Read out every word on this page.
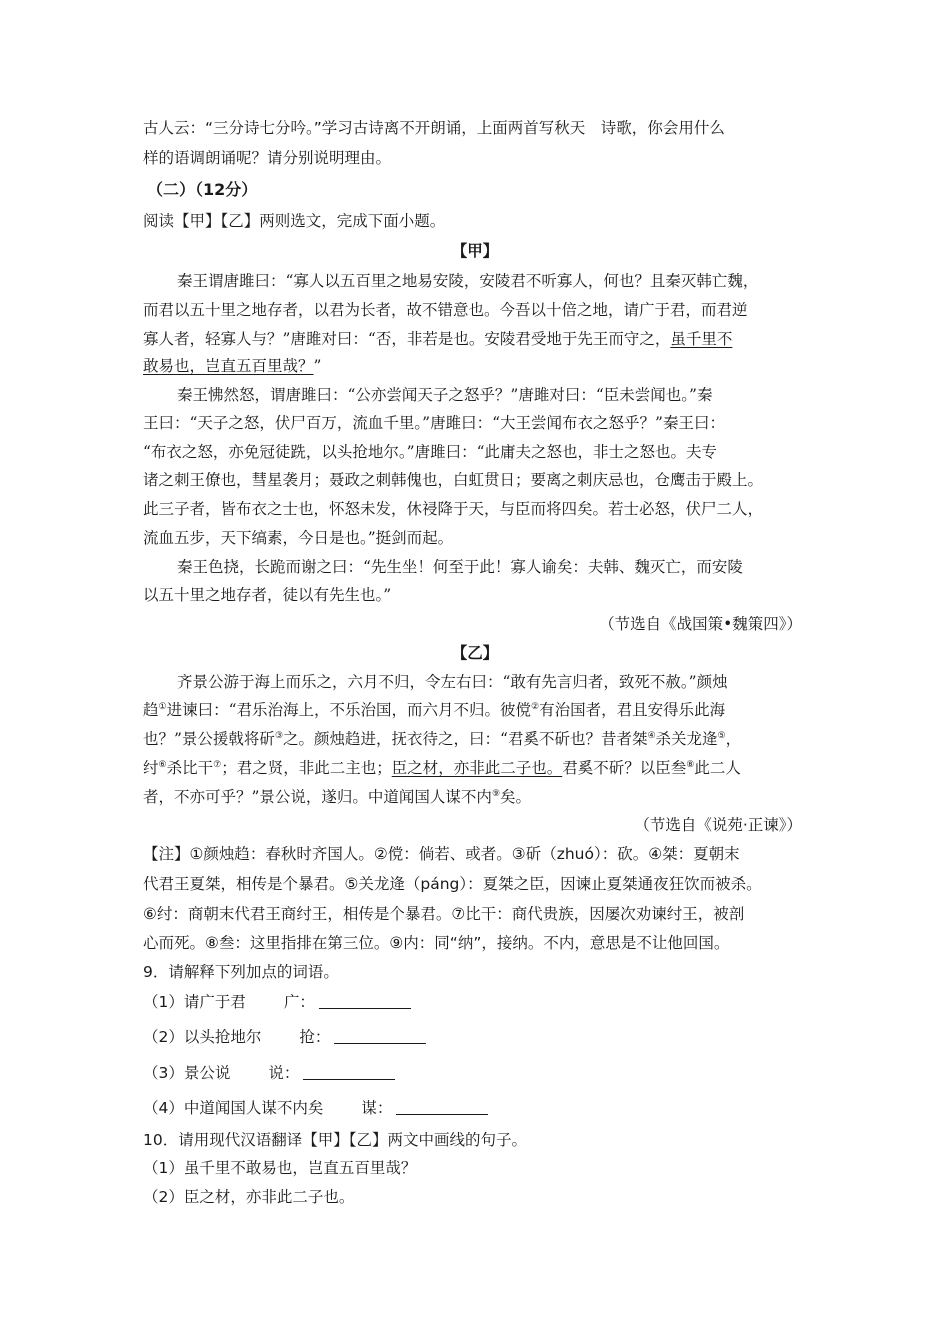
古人云：“三分诗七分吟。”学习古诗离不开朗诵，上面两首写秋天　诗歌，你会用什么
样的语调朗诵呢？请分别说明理由。
（二）（12分）
阅读【甲】【乙】两则选文，完成下面小题。
【甲】
秦王谓唐雎曰：“寡人以五百里之地易安陵，安陵君不听寡人，何也？且秦灭韩亡魏，
而君以五十里之地存者，以君为长者，故不错意也。今吾以十倍之地，请广于君，而君逆
寡人者，轻寡人与？”唐雎对曰：“否，非若是也。安陵君受地于先王而守之，虽千里不
敢易也，岂直五百里哉？”
秦王怫然怒，谓唐雎曰：“公亦尝闻天子之怒乎？”唐雎对曰：“臣未尝闻也。”秦
王曰：“天子之怒，伏尸百万，流血千里。”唐雎曰：“大王尝闻布衣之怒乎？”秦王曰：
“布衣之怒，亦免冠徒跣，以头抢地尔。”唐雎曰：“此庸夫之怒也，非士之怒也。夫专
诸之刺王僚也，彗星袭月；聂政之刺韩傀也，白虹贯日；要离之刺庆忌也，仓鹰击于殿上。
此三子者，皆布衣之士也，怀怒未发，休祲降于天，与臣而将四矣。若士必怒，伏尸二人，
流血五步，天下缟素，今日是也。”挺剑而起。
秦王色挠，长跪而谢之曰：“先生坐！何至于此！寡人谕矣：夫韩、魏灭亡，而安陵
以五十里之地存者，徒以有先生也。”
（节选自《战国策•魏策四》）
【乙】
齐景公游于海上而乐之，六月不归，令左右曰：“敢有先言归者，致死不赦。”颜烛
趋①进谏曰：“君乐治海上，不乐治国，而六月不归。彼傥②有治国者，君且安得乐此海
也？”景公援戟将斫③之。颜烛趋进，抚衣待之，曰：“君奚不斫也？昔者桀④杀关龙逄⑤，
纣⑥杀比干⑦；君之贤，非此二主也；臣之材，亦非此二子也。君奚不斫？以臣叁⑧此二人
者，不亦可乎？”景公说，遂归。中道闻国人谋不内⑨矣。
（节选自《说苑·正谏》）
【注】①颜烛趋：春秋时齐国人。②傥：倘若、或者。③斫（zhuó）：砍。④桀：夏朝末
代君王夏桀，相传是个暴君。⑤关龙逄（páng）：夏桀之臣，因谏止夏桀通夜狂饮而被杀。
⑥纣：商朝末代君王商纣王，相传是个暴君。⑦比干：商代贵族，因屡次劝谏纣王，被剖
心而死。⑧叁：这里指排在第三位。⑨内：同“纳”，接纳。不内，意思是不让他回国。
9．请解释下列加点的词语。
（1）请广于君 广：
（2）以头抢地尔 抢：
（3）景公说 说：
（4）中道闻国人谋不内矣 谋：
10．请用现代汉语翻译【甲】【乙】两文中画线的句子。
（1）虽千里不敢易也，岂直五百里哉？
（2）臣之材，亦非此二子也。
